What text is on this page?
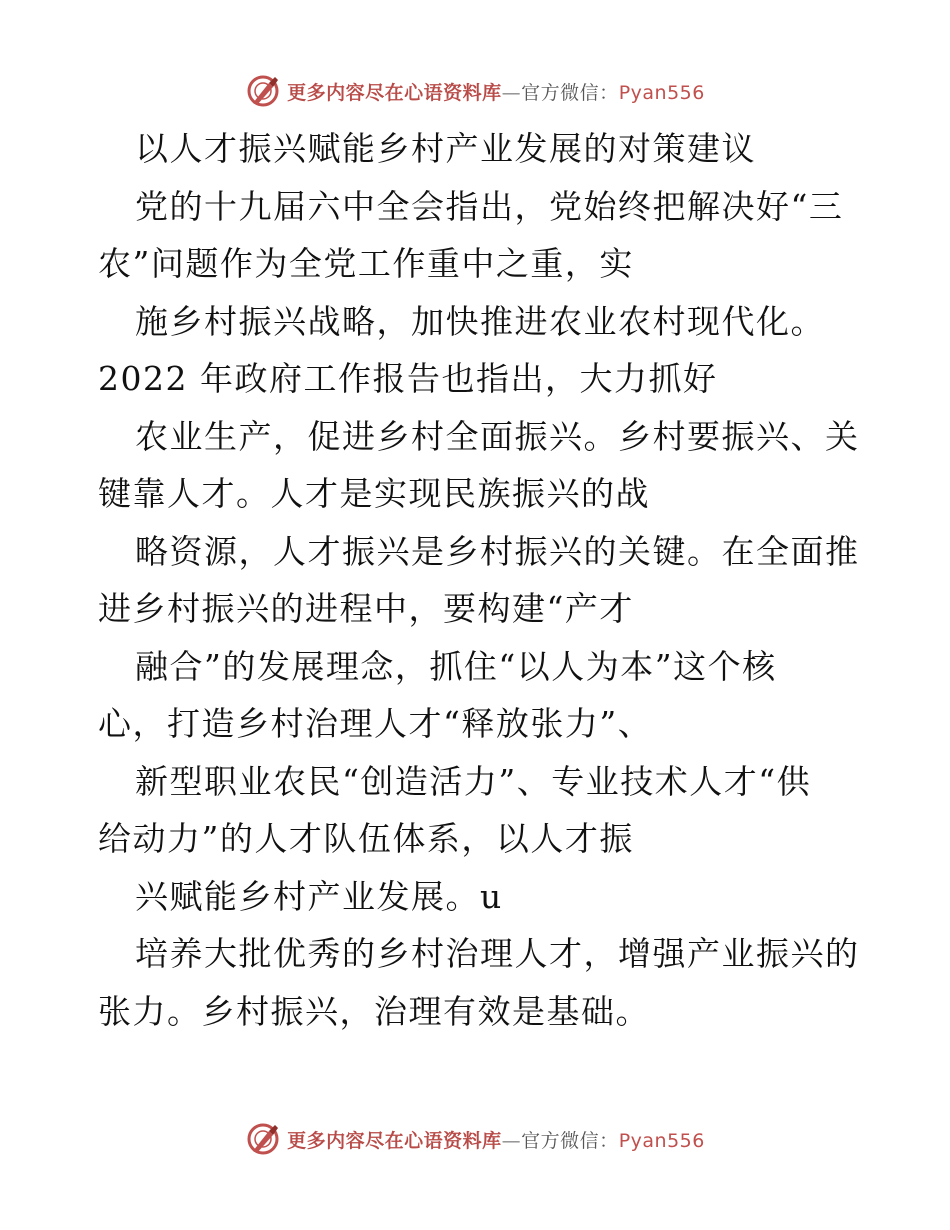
更多内容尽在心语资料库—官方微信：Pyan556
以人才振兴赋能乡村产业发展的对策建议
党的十九届六中全会指出，党始终把解决好“三
农”问题作为全党工作重中之重，实
施乡村振兴战略，加快推进农业农村现代化。
2022 年政府工作报告也指出，大力抓好
农业生产，促进乡村全面振兴。乡村要振兴、关
键靠人才。人才是实现民族振兴的战
略资源，人才振兴是乡村振兴的关键。在全面推
进乡村振兴的进程中，要构建“产才
融合”的发展理念，抓住“以人为本”这个核
心，打造乡村治理人才“释放张力”、
新型职业农民“创造活力”、专业技术人才“供
给动力”的人才队伍体系，以人才振
兴赋能乡村产业发展。u
培养大批优秀的乡村治理人才，增强产业振兴的
张力。乡村振兴，治理有效是基础。
更多内容尽在心语资料库—官方微信：Pyan556
